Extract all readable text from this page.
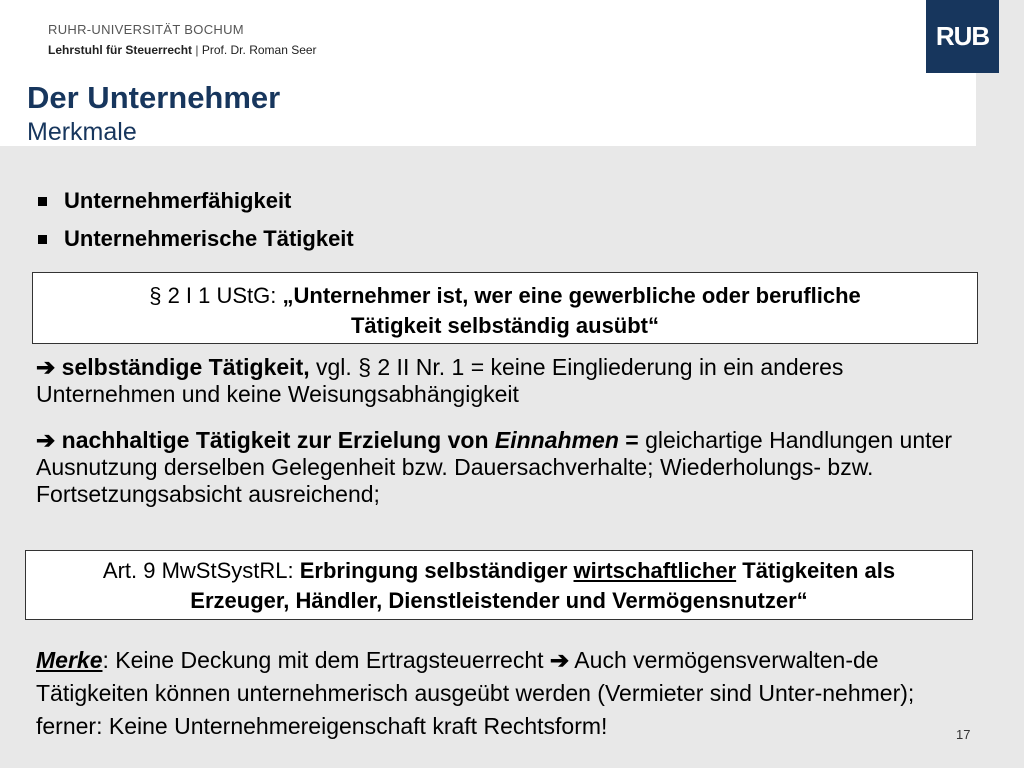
RUHR-UNIVERSITÄT BOCHUM
Lehrstuhl für Steuerrecht | Prof. Dr. Roman Seer
Der Unternehmer
Merkmale
RUB
Unternehmerfähigkeit
Unternehmerische Tätigkeit
§ 2 I 1 UStG: „Unternehmer ist, wer eine gewerbliche oder berufliche
Tätigkeit selbständig ausübt“
➔ selbständige Tätigkeit, vgl. § 2 II Nr. 1 = keine Eingliederung in ein anderes Unternehmen und keine Weisungsabhängigkeit
➔ nachhaltige Tätigkeit zur Erzielung von Einnahmen = gleichartige Handlungen unter Ausnutzung derselben Gelegenheit bzw. Dauersachverhalte; Wiederholungs- bzw. Fortsetzungsabsicht ausreichend;
Art. 9 MwStSystRL: Erbringung selbständiger wirtschaftlicher Tätigkeiten als
Erzeuger, Händler, Dienstleistender und Vermögensnutzer“
Merke: Keine Deckung mit dem Ertragsteuerrecht ➔ Auch vermögensverwalten-de Tätigkeiten können unternehmerisch ausgeübt werden (Vermieter sind Unter-nehmer); ferner: Keine Unternehmereigenschaft kraft Rechtsform!	17
